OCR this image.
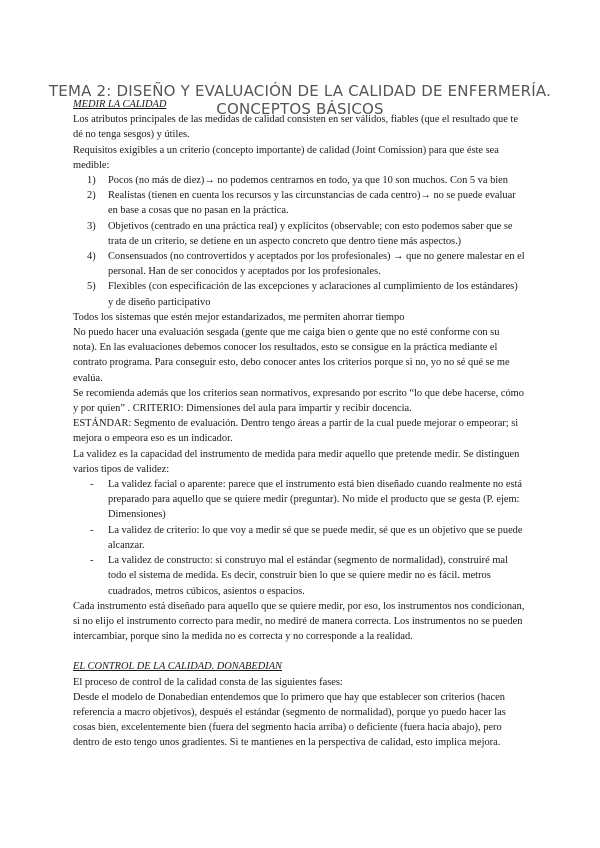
TEMA 2: DISEÑO Y EVALUACIÓN DE LA CALIDAD DE ENFERMERÍA. CONCEPTOS BÁSICOS

MEDIR LA CALIDAD

Los atributos principales de las medidas de calidad consisten en ser válidos, fiables (que el resultado que te dé no tenga sesgos) y útiles.

Requisitos exigibles a un criterio (concepto importante) de calidad (Joint Comission) para que éste sea medible:

1) Pocos (no más de diez)→ no podemos centrarnos en todo, ya que 10 son muchos. Con 5 va bien
2) Realistas (tienen en cuenta los recursos y las circunstancias de cada centro)→ no se puede evaluar en base a cosas que no pasan en la práctica.
3) Objetivos (centrado en una práctica real) y explícitos (observable; con esto podemos saber que se trata de un criterio, se detiene en un aspecto concreto que dentro tiene más aspectos.)
4) Consensuados (no controvertidos y aceptados por los profesionales) → que no genere malestar en el personal. Han de ser conocidos y aceptados por los profesionales.
5) Flexibles (con especificación de las excepciones y aclaraciones al cumplimiento de los estándares) y de diseño participativo

Todos los sistemas que estén mejor estandarizados, me permiten ahorrar tiempo

No puedo hacer una evaluación sesgada (gente que me caiga bien o gente que no esté conforme con su nota). En las evaluaciones debemos conocer los resultados, esto se consigue en la práctica mediante el contrato programa. Para conseguir esto, debo conocer antes los criterios porque si no, yo no sé qué se me evalúa.

Se recomienda además que los criterios sean normativos, expresando por escrito “lo que debe hacerse, cómo y por quien” . CRITERIO: Dimensiones del aula para impartir y recibir docencia.

ESTÁNDAR: Segmento de evaluación. Dentro tengo áreas a partir de la cual puede mejorar o empeorar; si mejora o empeora eso es un indicador.

La validez es la capacidad del instrumento de medida para medir aquello que pretende medir. Se distinguen varios tipos de validez:

- La validez facial o aparente: parece que el instrumento está bien diseñado cuando realmente no está preparado para aquello que se quiere medir (preguntar). No mide el producto que se gesta (P. ejem: Dimensiones)
- La validez de criterio: lo que voy a medir sé que se puede medir, sé que es un objetivo que se puede alcanzar.
- La validez de constructo: si construyo mal el estándar (segmento de normalidad), construiré mal todo el sistema de medida. Es decir, construir bien lo que se quiere medir no es fácil. metros cuadrados, metros cúbicos, asientos o espacios.

Cada instrumento está diseñado para aquello que se quiere medir, por eso, los instrumentos nos condicionan, si no elijo el instrumento correcto para medir, no mediré de manera correcta. Los instrumentos no se pueden intercambiar, porque sino la medida no es correcta y no corresponde a la realidad.

EL CONTROL DE LA CALIDAD. DONABEDIAN

El proceso de control de la calidad consta de las siguientes fases:

Desde el modelo de Donabedian entendemos que lo primero que hay que establecer son criterios (hacen referencia a macro objetivos), después el estándar (segmento de normalidad), porque yo puedo hacer las cosas bien, excelentemente bien (fuera del segmento hacia arriba) o deficiente (fuera hacia abajo), pero dentro de esto tengo unos gradientes. Si te mantienes en la perspectiva de calidad, esto implica mejora.
